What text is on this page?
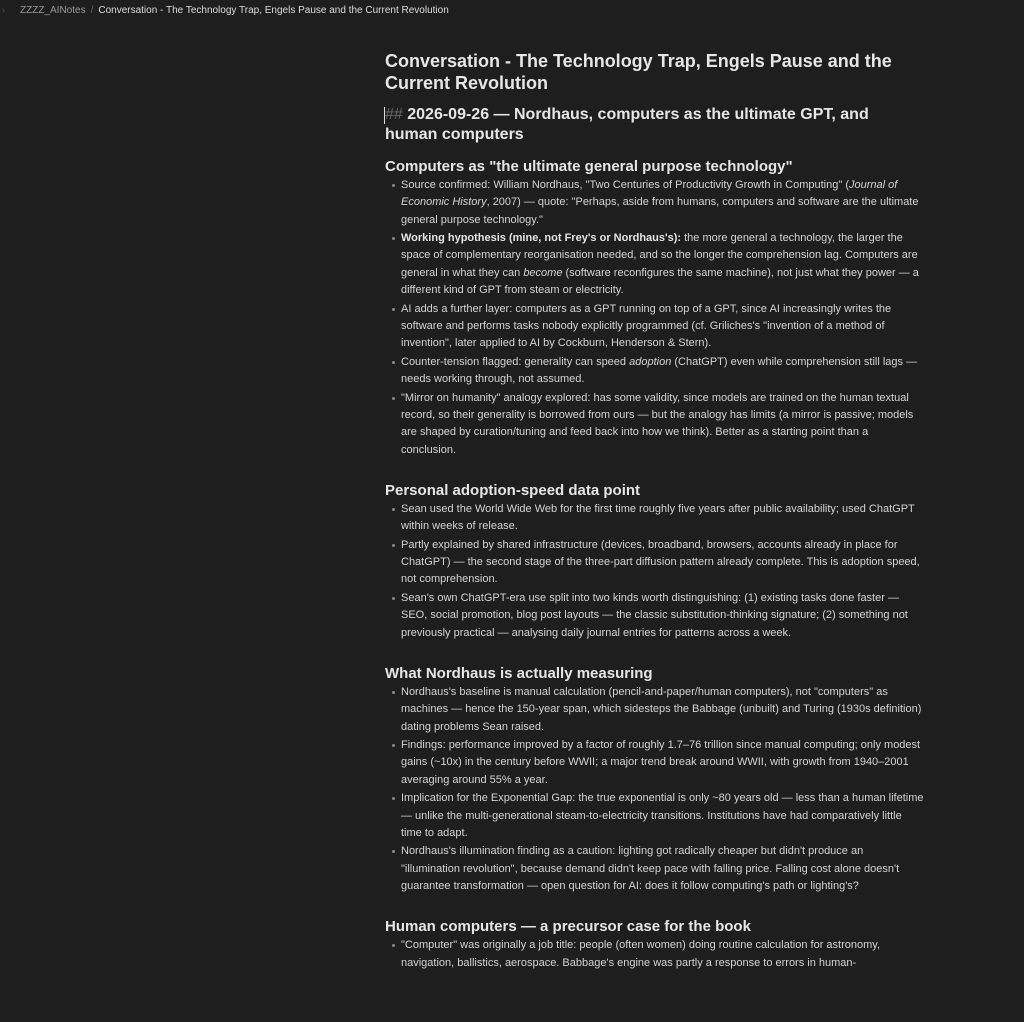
›	ZZZZ_AINotes / Conversation - The Technology Trap, Engels Pause and the Current Revolution
Conversation - The Technology Trap, Engels Pause and the Current Revolution
## 2026-09-26 — Nordhaus, computers as the ultimate GPT, and human computers
Computers as "the ultimate general purpose technology"
Source confirmed: William Nordhaus, "Two Centuries of Productivity Growth in Computing" (Journal of Economic History, 2007) — quote: "Perhaps, aside from humans, computers and software are the ultimate general purpose technology."
Working hypothesis (mine, not Frey's or Nordhaus's): the more general a technology, the larger the space of complementary reorganisation needed, and so the longer the comprehension lag. Computers are general in what they can become (software reconfigures the same machine), not just what they power — a different kind of GPT from steam or electricity.
AI adds a further layer: computers as a GPT running on top of a GPT, since AI increasingly writes the software and performs tasks nobody explicitly programmed (cf. Griliches's "invention of a method of invention", later applied to AI by Cockburn, Henderson & Stern).
Counter-tension flagged: generality can speed adoption (ChatGPT) even while comprehension still lags — needs working through, not assumed.
"Mirror on humanity" analogy explored: has some validity, since models are trained on the human textual record, so their generality is borrowed from ours — but the analogy has limits (a mirror is passive; models are shaped by curation/tuning and feed back into how we think). Better as a starting point than a conclusion.
Personal adoption-speed data point
Sean used the World Wide Web for the first time roughly five years after public availability; used ChatGPT within weeks of release.
Partly explained by shared infrastructure (devices, broadband, browsers, accounts already in place for ChatGPT) — the second stage of the three-part diffusion pattern already complete. This is adoption speed, not comprehension.
Sean's own ChatGPT-era use split into two kinds worth distinguishing: (1) existing tasks done faster — SEO, social promotion, blog post layouts — the classic substitution-thinking signature; (2) something not previously practical — analysing daily journal entries for patterns across a week.
What Nordhaus is actually measuring
Nordhaus's baseline is manual calculation (pencil-and-paper/human computers), not "computers" as machines — hence the 150-year span, which sidesteps the Babbage (unbuilt) and Turing (1930s definition) dating problems Sean raised.
Findings: performance improved by a factor of roughly 1.7–76 trillion since manual computing; only modest gains (~10x) in the century before WWII; a major trend break around WWII, with growth from 1940–2001 averaging around 55% a year.
Implication for the Exponential Gap: the true exponential is only ~80 years old — less than a human lifetime — unlike the multi-generational steam-to-electricity transitions. Institutions have had comparatively little time to adapt.
Nordhaus's illumination finding as a caution: lighting got radically cheaper but didn't produce an "illumination revolution", because demand didn't keep pace with falling price. Falling cost alone doesn't guarantee transformation — open question for AI: does it follow computing's path or lighting's?
Human computers — a precursor case for the book
"Computer" was originally a job title: people (often women) doing routine calculation for astronomy, navigation, ballistics, aerospace. Babbage's engine was partly a response to errors in human-
